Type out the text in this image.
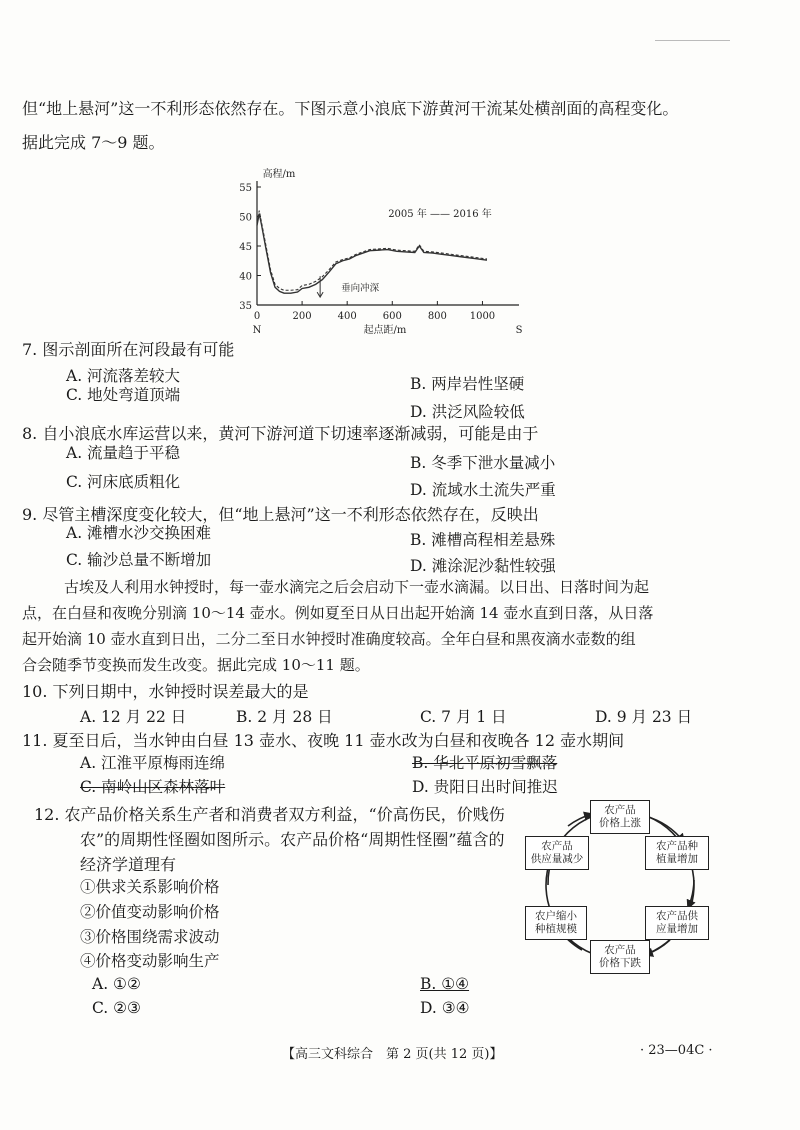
但“地上悬河”这一不利形态依然存在。下图示意小浪底下游黄河干流某处横剖面的高程变化。
据此完成 7～9 题。
55
50
45
40
35
200	400	600	800 1000
0
N	S
高程/m
起点距/m
2005 年 —— 2016 年
垂向冲深
7. 图示剖面所在河段最有可能
A. 河流落差较大	B. 两岸岩性坚硬
C. 地处弯道顶端
D. 洪泛风险较低
8. 自小浪底水库运营以来，黄河下游河道下切速率逐渐减弱，可能是由于
A. 流量趋于平稳
B. 冬季下泄水量减小
C. 河床底质粗化	D. 流域水土流失严重
9. 尽管主槽深度变化较大，但“地上悬河”这一不利形态依然存在，反映出
A. 滩槽水沙交换困难	B. 滩槽高程相差悬殊
C. 输沙总量不断增加	D. 滩涂泥沙黏性较强
古埃及人利用水钟授时，每一壶水滴完之后会启动下一壶水滴漏。以日出、日落时间为起
点，在白昼和夜晚分别滴 10～14 壶水。例如夏至日从日出起开始滴 14 壶水直到日落，从日落
起开始滴 10 壶水直到日出，二分二至日水钟授时准确度较高。全年白昼和黑夜滴水壶数的组
合会随季节变换而发生改变。据此完成 10～11 题。
10. 下列日期中，水钟授时误差最大的是
A. 12 月 22 日	B. 2 月 28 日	C. 7 月 1 日	D. 9 月 23 日
11. 夏至日后，当水钟由白昼 13 壶水、夜晚 11 壶水改为白昼和夜晚各 12 壶水期间
A. 江淮平原梅雨连绵	B. 华北平原初雪飘落
C. 南岭山区森林落叶	D. 贵阳日出时间推迟
12. 农产品价格关系生产者和消费者双方利益，“价高伤民，价贱伤
农”的周期性怪圈如图所示。农产品价格“周期性怪圈”蕴含的
经济学道理有
①供求关系影响价格
②价值变动影响价格
③价格围绕需求波动
④价格变动影响生产
A. ①②	B. ①④
C. ②③	D. ③④
农产品
价格上涨
农产品种
植量增加
农产品供
应量增加
农产品
价格下跌
农户缩小
种植规模
农产品
供应量减少
【高三文科综合　第 2 页(共 12 页)】	· 23—04C ·
